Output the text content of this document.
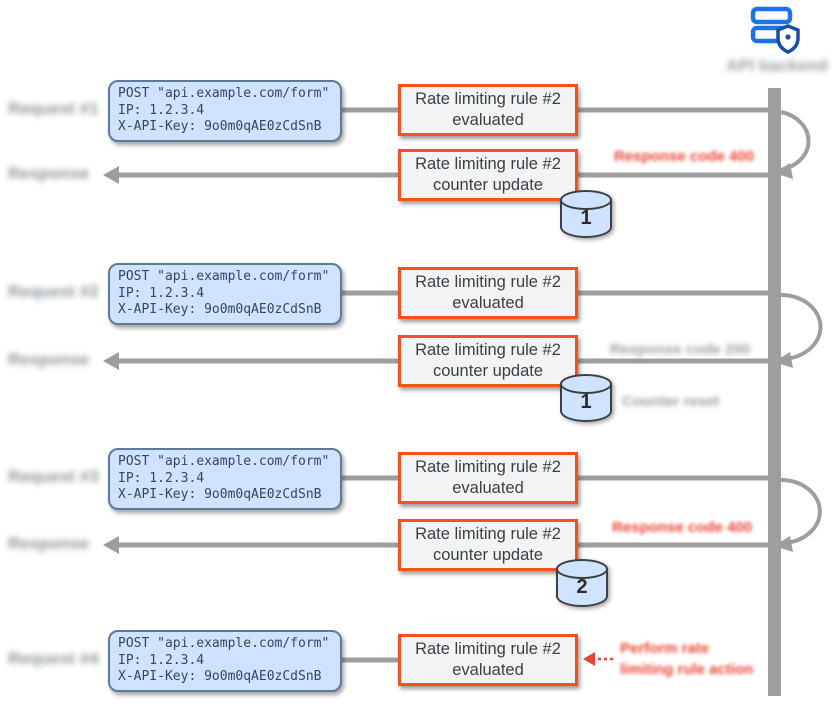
Request #1
Response
Request #2
Response
Request #3
Response
Request #4
POST "api.example.com/form"
IP: 1.2.3.4
X-API-Key: 9o0m0qAE0zCdSnB
POST "api.example.com/form"
IP: 1.2.3.4
X-API-Key: 9o0m0qAE0zCdSnB
POST "api.example.com/form"
IP: 1.2.3.4
X-API-Key: 9o0m0qAE0zCdSnB
POST "api.example.com/form"
IP: 1.2.3.4
X-API-Key: 9o0m0qAE0zCdSnB
Rate limiting rule #2
evaluated
Rate limiting rule #2
counter update
Rate limiting rule #2
evaluated
Rate limiting rule #2
counter update
Rate limiting rule #2
evaluated
Rate limiting rule #2
counter update
Rate limiting rule #2
evaluated
1
1
2
Response code 400
Response code 200
Counter reset
Response code 400
Perform rate
limiting rule action
API backend
